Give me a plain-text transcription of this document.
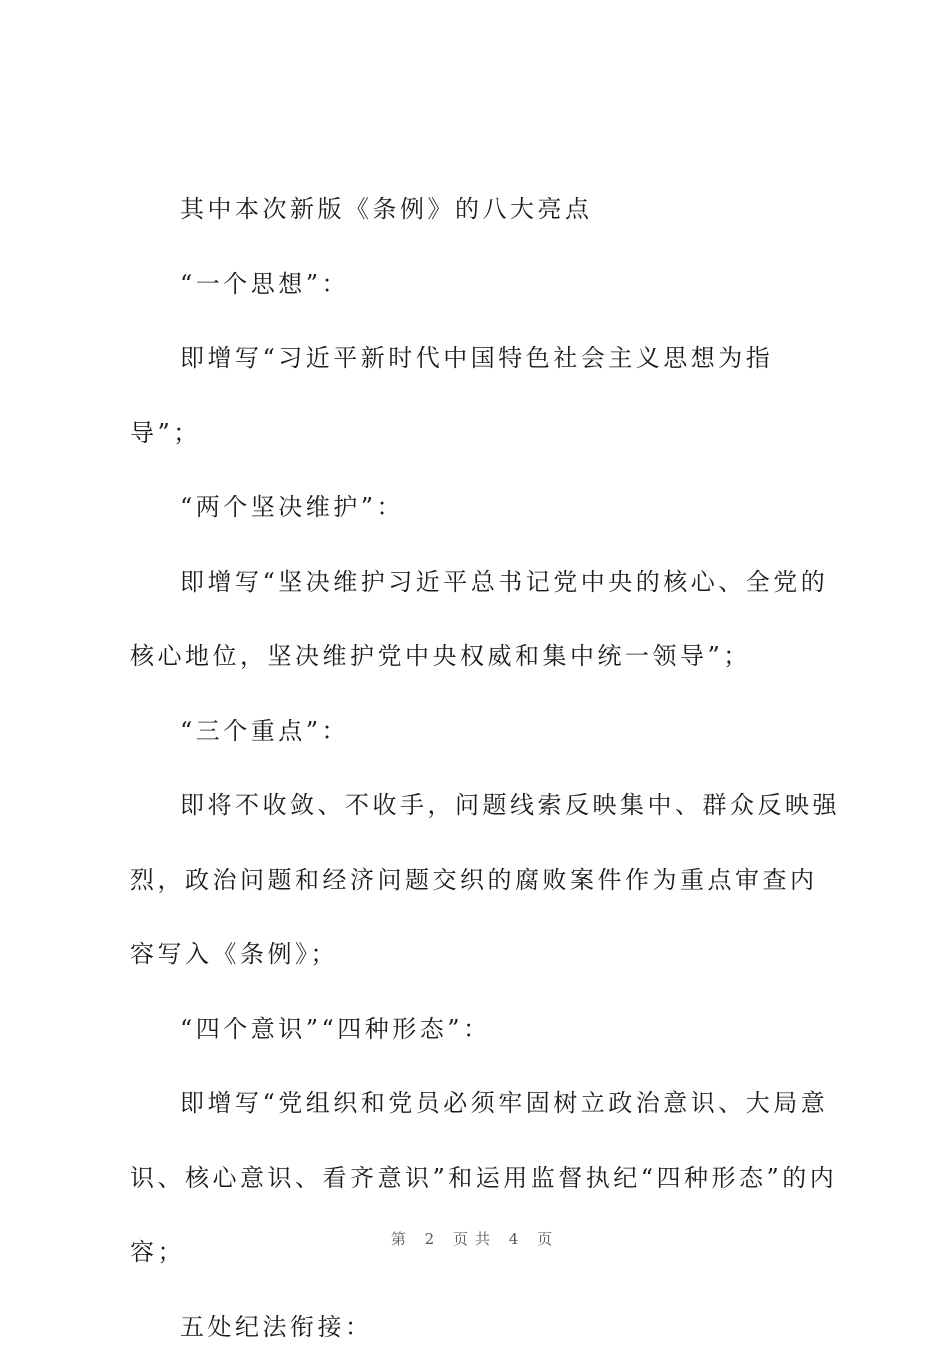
其中本次新版《条例》的八大亮点

“一个思想”：

即增写“习近平新时代中国特色社会主义思想为指导”；

“两个坚决维护”：

即增写“坚决维护习近平总书记党中央的核心、全党的核心地位，坚决维护党中央权威和集中统一领导”；

“三个重点”：

即将不收敛、不收手，问题线索反映集中、群众反映强烈，政治问题和经济问题交织的腐败案件作为重点审查内容写入《条例》；

“四个意识”“四种形态”：

即增写“党组织和党员必须牢固树立政治意识、大局意识、核心意识、看齐意识”和运用监督执纪“四种形态”的内容；

五处纪法衔接：

第 2 页共 4 页
